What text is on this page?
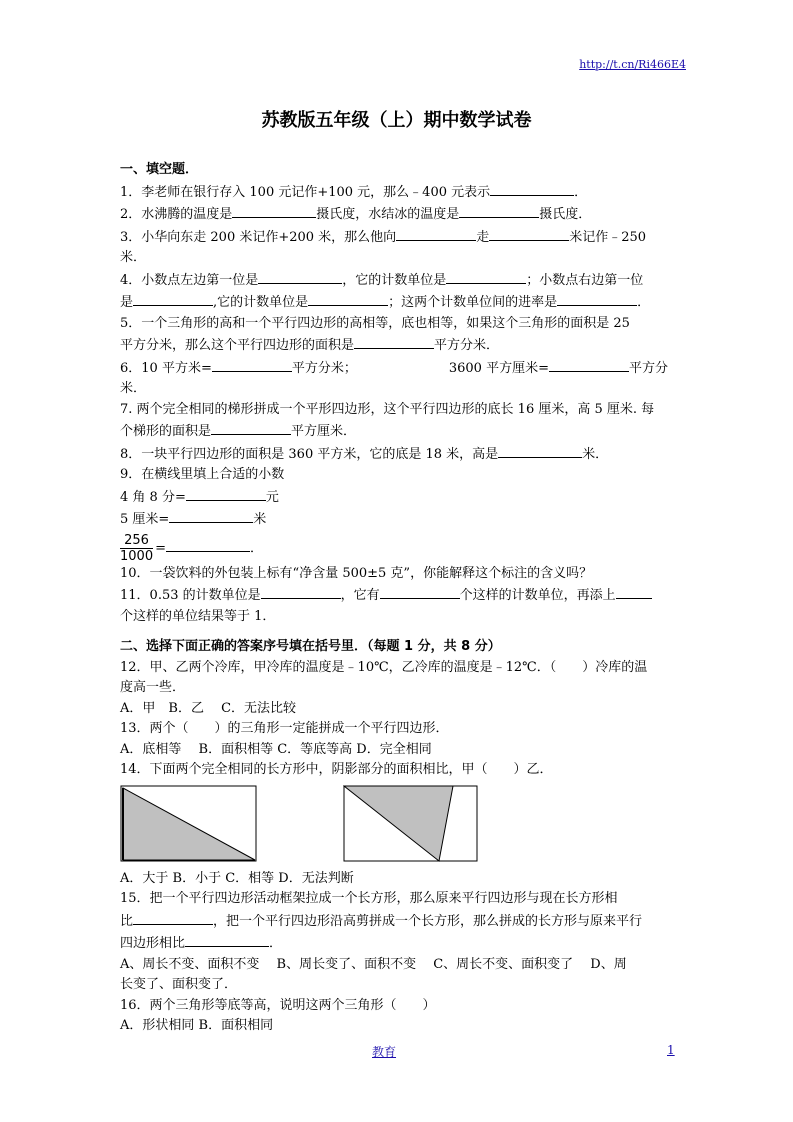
http://t.cn/Ri466E4
苏教版五年级（上）期中数学试卷
一、填空题．
1．李老师在银行存入 100 元记作+100 元，那么﹣400 元表示	．
2．水沸腾的温度是	摄氏度，水结冰的温度是	摄氏度．
3．小华向东走 200 米记作+200 米，那么他向	走	米记作﹣250 米．
4．小数点左边第一位是	，它的计数单位是	；小数点右边第一位
是	,它的计数单位是	；这两个计数单位间的进率是	．
5．一个三角形的高和一个平行四边形的高相等，底也相等，如果这个三角形的面积是 25
平方分米，那么这个平行四边形的面积是	平方分米．
6．10 平方米=	平方分米；	3600 平方厘米=	平方分
米．
7. 两个完全相同的梯形拼成一个平形四边形，这个平行四边形的底长 16 厘米，高 5 厘米. 每
个梯形的面积是	平方厘米．
8．一块平行四边形的面积是 360 平方米，它的底是 18 米，高是	米．
9．在横线里填上合适的小数
4 角 8 分=	元
5 厘米=	米
$\frac{256}{1000}$ =	．
10．一袋饮料的外包装上标有“净含量 500±5 克”，你能解释这个标注的含义吗？
11．0.53 的计数单位是	，它有	个这样的计数单位，再添上
个这样的单位结果等于 1．
二、选择下面正确的答案序号填在括号里．（每题 1 分，共 8 分）
12．甲、乙两个冷库，甲冷库的温度是﹣10℃，乙冷库的温度是﹣12℃．（　　）冷库的温
度高一些．
A．甲　B．乙　 C．无法比较
13．两个（　　）的三角形一定能拼成一个平行四边形．
A．底相等　 B．面积相等 C．等底等高 D．完全相同
14．下面两个完全相同的长方形中，阴影部分的面积相比，甲（　　）乙．
A．大于 B．小于 C．相等 D．无法判断
15．把一个平行四边形活动框架拉成一个长方形，那么原来平行四边形与现在长方形相
比	，把一个平行四边形沿高剪拼成一个长方形，那么拼成的长方形与原来平行
四边形相比	．
A、周长不变、面积不变　 B、周长变了、面积不变　 C、周长不变、面积变了　 D、周
长变了、面积变了．
16．两个三角形等底等高，说明这两个三角形（　　）
A．形状相同 B．面积相同
教育	1
